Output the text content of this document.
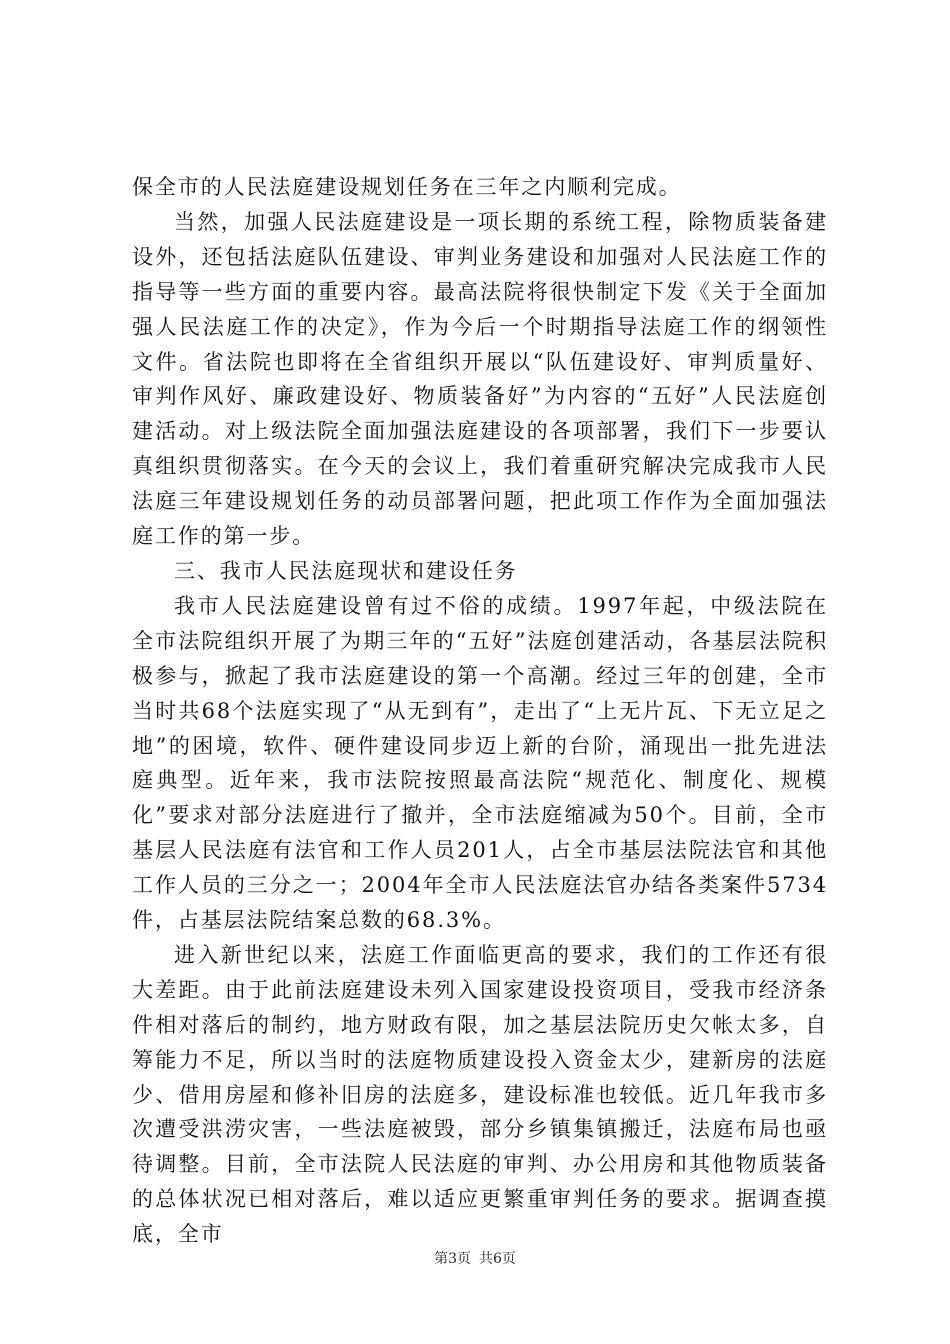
保全市的人民法庭建设规划任务在三年之内顺利完成。

当然，加强人民法庭建设是一项长期的系统工程，除物质装备建设外，还包括法庭队伍建设、审判业务建设和加强对人民法庭工作的指导等一些方面的重要内容。最高法院将很快制定下发《关于全面加强人民法庭工作的决定》，作为今后一个时期指导法庭工作的纲领性文件。省法院也即将在全省组织开展以“队伍建设好、审判质量好、审判作风好、廉政建设好、物质装备好”为内容的“五好”人民法庭创建活动。对上级法院全面加强法庭建设的各项部署，我们下一步要认真组织贯彻落实。在今天的会议上，我们着重研究解决完成我市人民法庭三年建设规划任务的动员部署问题，把此项工作作为全面加强法庭工作的第一步。

三、我市人民法庭现状和建设任务

我市人民法庭建设曾有过不俗的成绩。1997年起，中级法院在全市法院组织开展了为期三年的“五好”法庭创建活动，各基层法院积极参与，掀起了我市法庭建设的第一个高潮。经过三年的创建，全市当时共68个法庭实现了“从无到有”，走出了“上无片瓦、下无立足之地”的困境，软件、硬件建设同步迈上新的台阶，涌现出一批先进法庭典型。近年来，我市法院按照最高法院“规范化、制度化、规模化”要求对部分法庭进行了撤并，全市法庭缩减为50个。目前，全市基层人民法庭有法官和工作人员201人，占全市基层法院法官和其他工作人员的三分之一；2004年全市人民法庭法官办结各类案件5734件，占基层法院结案总数的68.3%。

进入新世纪以来，法庭工作面临更高的要求，我们的工作还有很大差距。由于此前法庭建设未列入国家建设投资项目，受我市经济条件相对落后的制约，地方财政有限，加之基层法院历史欠帐太多，自筹能力不足，所以当时的法庭物质建设投入资金太少，建新房的法庭少、借用房屋和修补旧房的法庭多，建设标准也较低。近几年我市多次遭受洪涝灾害，一些法庭被毁，部分乡镇集镇搬迁，法庭布局也亟待调整。目前，全市法院人民法庭的审判、办公用房和其他物质装备的总体状况已相对落后，难以适应更繁重审判任务的要求。据调查摸底，全市

第3页 共6页
